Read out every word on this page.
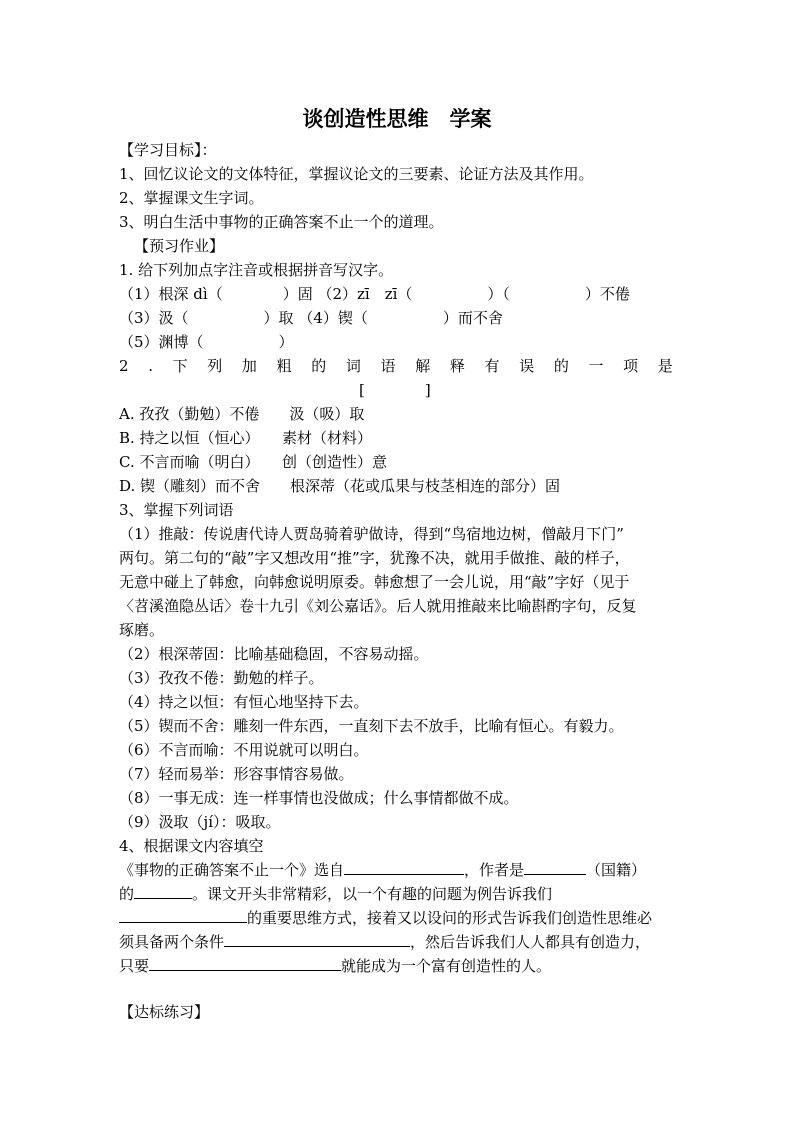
谈创造性思维　学案
【学习目标】：
1、回忆议论文的文体特征，掌握议论文的三要素、论证方法及其作用。
2、掌握课文生字词。
3、明白生活中事物的正确答案不止一个的道理。
【预习作业】
1. 给下列加点字注音或根据拼音写汉字。
（1）根深 dì（　　　　）固 （2）zī　zī（　　　　　）（　　　　　）不倦
（3）汲（　　　　　）取 （4）锲（　　　　　）而不舍
（5）渊博（　　　　　）
2 . 下 列 加 粗 的 词 语 解 释 有 误 的 一 项 是
[　　　　]
A. 孜孜（勤勉）不倦　　汲（吸）取
B. 持之以恒（恒心）　　素材（材料）
C. 不言而喻（明白）　　创（创造性）意
D. 锲（雕刻）而不舍　　根深蒂（花或瓜果与枝茎相连的部分）固
3、掌握下列词语
（1）推敲：传说唐代诗人贾岛骑着驴做诗，得到“鸟宿地边树，僧敲月下门”
两句。第二句的“敲”字又想改用“推”字，犹豫不决，就用手做推、敲的样子，
无意中碰上了韩愈，向韩愈说明原委。韩愈想了一会儿说，用“敲”字好（见于
〈苕溪渔隐丛话〉卷十九引《刘公嘉话》。后人就用推敲来比喻斟酌字句，反复
琢磨。
（2）根深蒂固：比喻基础稳固，不容易动摇。
（3）孜孜不倦：勤勉的样子。
（4）持之以恒：有恒心地坚持下去。
（5）锲而不舍：雕刻一件东西，一直刻下去不放手，比喻有恒心。有毅力。
（6）不言而喻：不用说就可以明白。
（7）轻而易举：形容事情容易做。
（8）一事无成：连一样事情也没做成；什么事情都做不成。
（9）汲取（jí）：吸取。
4、根据课文内容填空
《事物的正确答案不止一个》选自	，作者是	（国籍）
的	。课文开头非常精彩，以一个有趣的问题为例告诉我们
的重要思维方式，接着又以设问的形式告诉我们创造性思维必
须具备两个条件	，然后告诉我们人人都具有创造力，
只要	就能成为一个富有创造性的人。
【达标练习】
